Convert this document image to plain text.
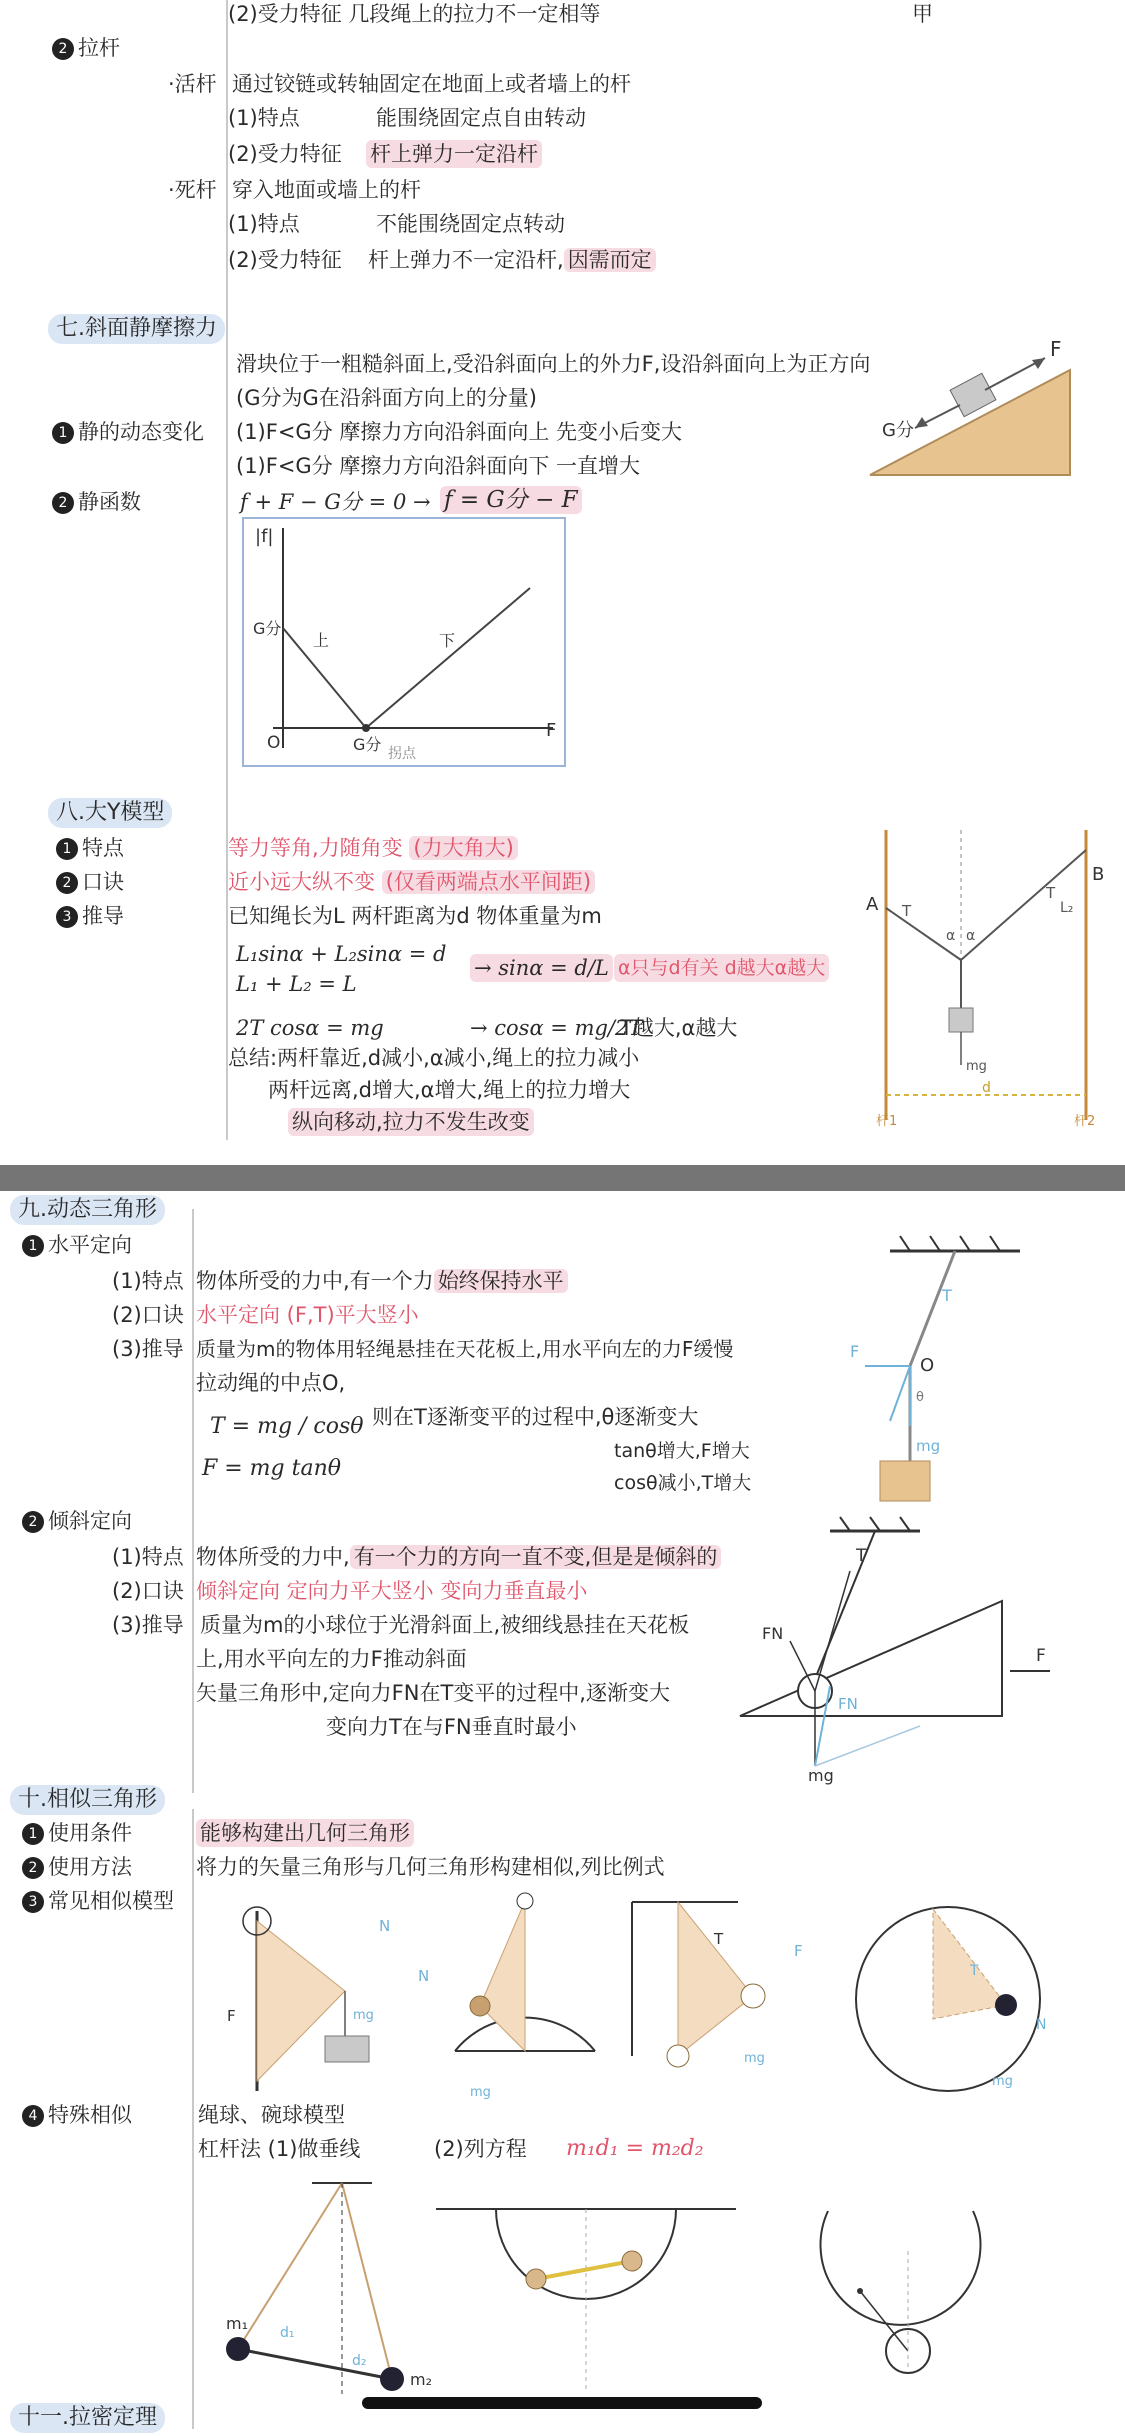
(2)受力特征 几段绳上的拉力不一定相等	甲
2 拉杆
·活杆 通过铰链或转轴固定在地面上或者墙上的杆
(1)特点	能围绕固定点自由转动
(2)受力特征 杆上弹力一定沿杆
·死杆 穿入地面或墙上的杆
(1)特点	不能围绕固定点转动
(2)受力特征 杆上弹力不一定沿杆, 因需而定
七.斜面静摩擦力
滑块位于一粗糙斜面上,受沿斜面向上的外力F,设沿斜面向上为正方向
(G分为G在沿斜面方向上的分量)
1 静的动态变化 (1)F<G分 摩擦力方向沿斜面向上 先变小后变大
(1)F<G分 摩擦力方向沿斜面向下 一直增大
2 静函数	f + F − G分 = 0 → f = G分 − F
F
G分
|f|
F
O
G分
G分
上	下
拐点
八.大Y模型
1 特点	等力等角,力随角变 (力大角大)
2 口诀	近小远大纵不变 (仅看两端点水平间距)
3 推导	已知绳长为L 两杆距离为d 物体重量为m
L₁sinα + L₂sinα = d
L₁ + L₂ = L
→ sinα = d/L α只与d有关 d越大α越大
2T cosα = mg	→ cosα = mg/2T
T越大,α越大
总结:两杆靠近,d减小,α减小,绳上的拉力减小
两杆远离,d增大,α增大,绳上的拉力增大
纵向移动,拉力不发生改变
A
B
T
T
L₂
α α
mg
d
杆1	杆2
九.动态三角形
1 水平定向
(1)特点 物体所受的力中,有一个力 始终保持水平
(2)口诀 水平定向 (F,T)平大竖小
(3)推导 质量为m的物体用轻绳悬挂在天花板上,用水平向左的力F缓慢
拉动绳的中点O,
T = mg / cosθ
F = mg tanθ
则在T逐渐变平的过程中,θ逐渐变大
tanθ增大,F增大
cosθ减小,T增大
T
F
O
θ
mg
2 倾斜定向
(1)特点 物体所受的力中, 有一个力的方向一直不变,但是是倾斜的
(2)口诀 倾斜定向 定向力平大竖小 变向力垂直最小
(3)推导 质量为m的小球位于光滑斜面上,被细线悬挂在天花板
上,用水平向左的力F推动斜面
矢量三角形中,定向力FN在T变平的过程中,逐渐变大
变向力T在与FN垂直时最小
T
FN
FN
F
mg
十.相似三角形
1 使用条件	能够构建出几何三角形
2 使用方法	将力的矢量三角形与几何三角形构建相似,列比例式
3 常见相似模型
F
N
mg
N
mg
T
F
mg
N
T
mg
4 特殊相似	绳球、碗球模型
杠杆法 (1)做垂线	(2)列方程 m₁d₁ = m₂d₂
m₁
m₂
d₁
d₂
十一.拉密定理
